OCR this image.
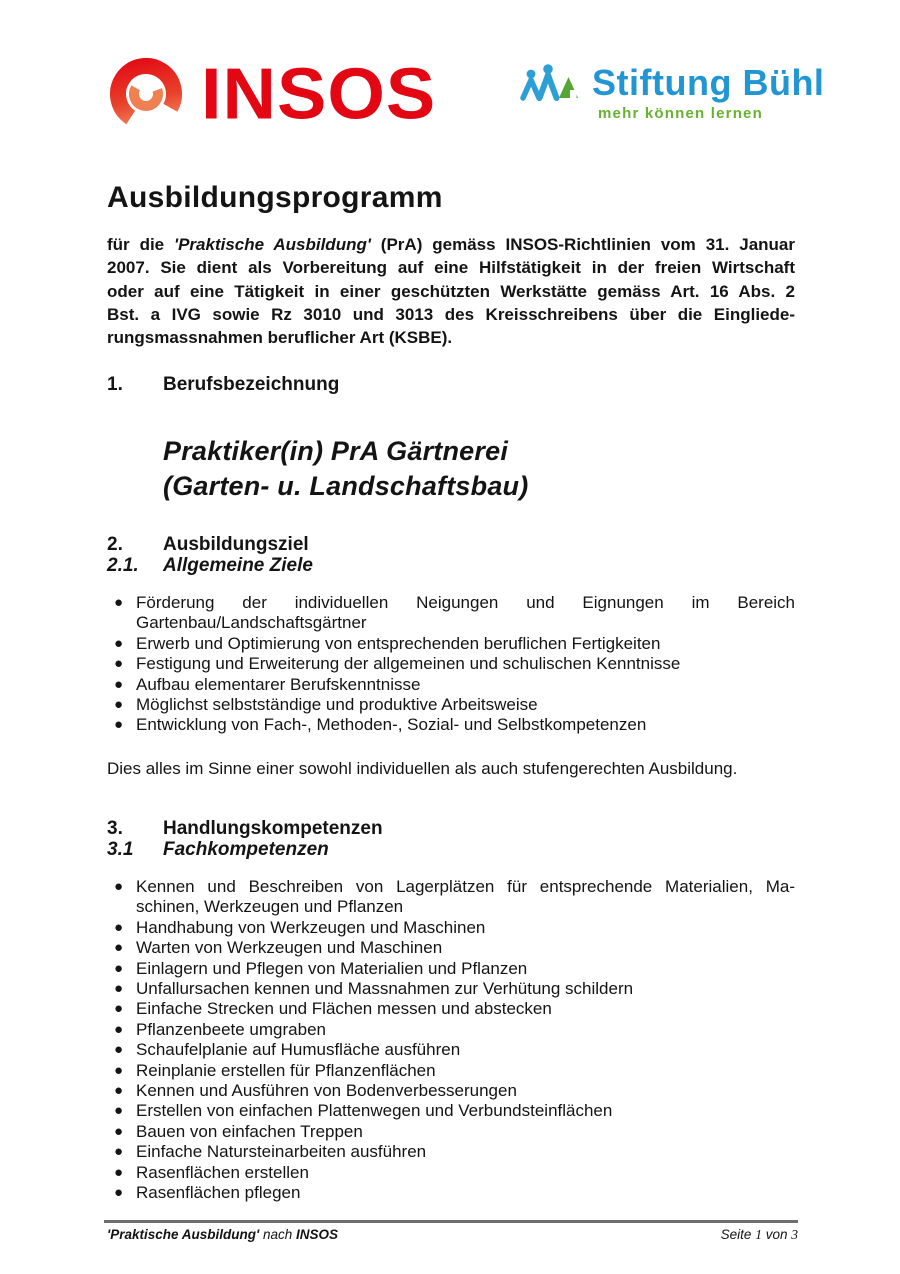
INSOS	Stiftung Bühl
mehr können lernen
Ausbildungsprogramm
für die 'Praktische Ausbildung' (PrA) gemäss INSOS-Richtlinien vom 31. Januar
2007. Sie dient als Vorbereitung auf eine Hilfstätigkeit in der freien Wirtschaft
oder auf eine Tätigkeit in einer geschützten Werkstätte gemäss Art. 16 Abs. 2
Bst. a IVG sowie Rz 3010 und 3013 des Kreisschreibens über die Eingliede-
rungsmassnahmen beruflicher Art (KSBE).
1.	Berufsbezeichnung
Praktiker(in) PrA Gärtnerei
(Garten- u. Landschaftsbau)
2.	Ausbildungsziel
2.1.	Allgemeine Ziele
● Förderung der individuellen Neigungen und Eignungen im Bereich
Gartenbau/Landschaftsgärtner
● Erwerb und Optimierung von entsprechenden beruflichen Fertigkeiten
● Festigung und Erweiterung der allgemeinen und schulischen Kenntnisse
● Aufbau elementarer Berufskenntnisse
● Möglichst selbstständige und produktive Arbeitsweise
● Entwicklung von Fach-, Methoden-, Sozial- und Selbstkompetenzen
Dies alles im Sinne einer sowohl individuellen als auch stufengerechten Ausbildung.
3.	Handlungskompetenzen
3.1	Fachkompetenzen
● Kennen und Beschreiben von Lagerplätzen für entsprechende Materialien, Ma-
schinen, Werkzeugen und Pflanzen
● Handhabung von Werkzeugen und Maschinen
● Warten von Werkzeugen und Maschinen
● Einlagern und Pflegen von Materialien und Pflanzen
● Unfallursachen kennen und Massnahmen zur Verhütung schildern
● Einfache Strecken und Flächen messen und abstecken
● Pflanzenbeete umgraben
● Schaufelplanie auf Humusfläche ausführen
● Reinplanie erstellen für Pflanzenflächen
● Kennen und Ausführen von Bodenverbesserungen
● Erstellen von einfachen Plattenwegen und Verbundsteinflächen
● Bauen von einfachen Treppen
● Einfache Natursteinarbeiten ausführen
● Rasenflächen erstellen
● Rasenflächen pflegen
'Praktische Ausbildung' nach INSOS	Seite 1 von 3
